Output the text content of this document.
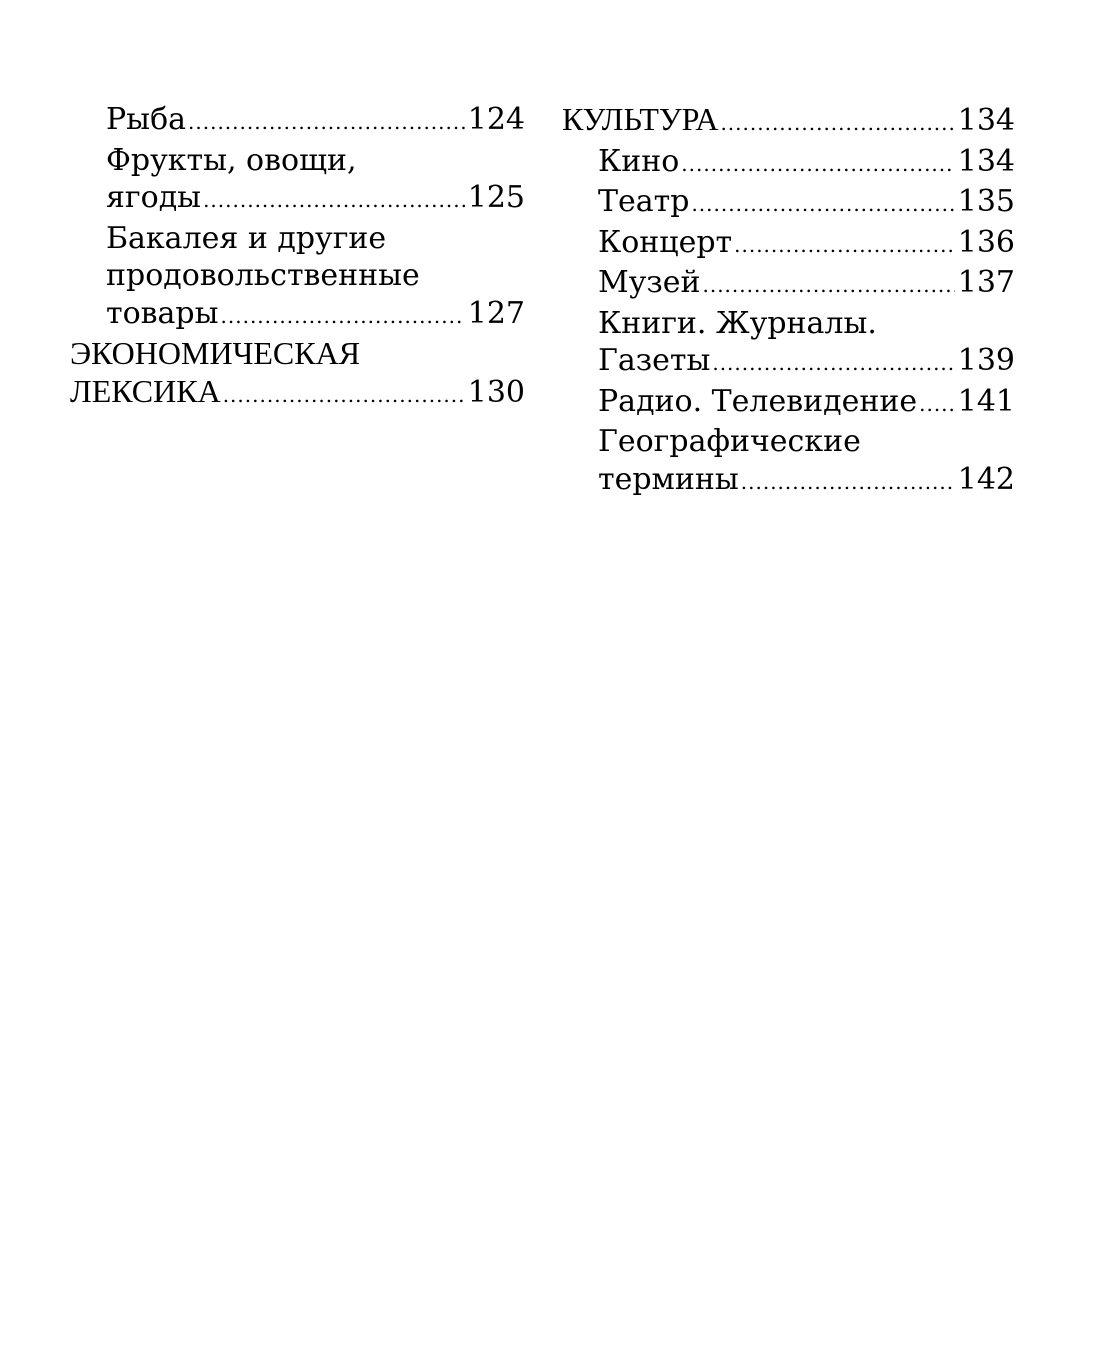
Рыба .....	124
Фрукты, овощи,
ягоды .....	125
Бакалея и другие
продовольственные
товары .....	127
ЭКОНОМИЧЕСКАЯ
ЛЕКСИКА .....	130
КУЛЬТУРА .....	134
Кино .....	134
Театр .....	135
Концерт .....	136
Музей .....	137
Книги. Журналы.
Газеты .....	139
Радио. Телевидение ..... 141
Географические
термины .....	142
